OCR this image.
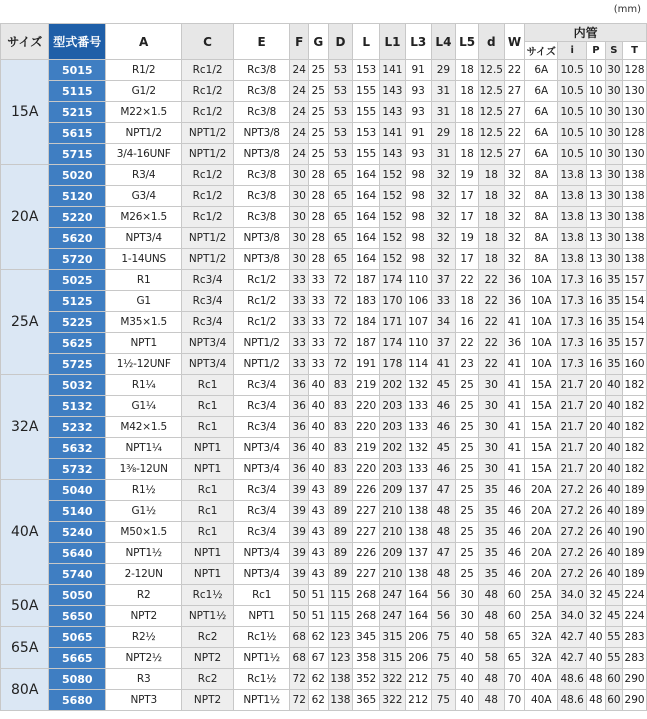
(mm)
サイズ	型式番号	A	C	E	F	G	D	L	L1	L3	L4	L5	d	W	内管				
															サイズ	i	P	S	T
15A	5015	R1/2	Rc1/2	Rc3/8	24	25	53	153	141	91	29	18	12.5	22	6A	10.5	10	30	128
	5115	G1/2	Rc1/2	Rc3/8	24	25	53	155	143	93	31	18	12.5	27	6A	10.5	10	30	130
	5215	M22×1.5	Rc1/2	Rc3/8	24	25	53	155	143	93	31	18	12.5	27	6A	10.5	10	30	130
	5615	NPT1/2	NPT1/2	NPT3/8	24	25	53	153	141	91	29	18	12.5	22	6A	10.5	10	30	128
	5715	3/4-16UNF	NPT1/2	NPT3/8	24	25	53	155	143	93	31	18	12.5	27	6A	10.5	10	30	130
20A	5020	R3/4	Rc1/2	Rc3/8	30	28	65	164	152	98	32	19	18	32	8A	13.8	13	30	138
	5120	G3/4	Rc1/2	Rc3/8	30	28	65	164	152	98	32	17	18	32	8A	13.8	13	30	138
	5220	M26×1.5	Rc1/2	Rc3/8	30	28	65	164	152	98	32	17	18	32	8A	13.8	13	30	138
	5620	NPT3/4	NPT1/2	NPT3/8	30	28	65	164	152	98	32	19	18	32	8A	13.8	13	30	138
	5720	1-14UNS	NPT1/2	NPT3/8	30	28	65	164	152	98	32	17	18	32	8A	13.8	13	30	138
25A	5025	R1	Rc3/4	Rc1/2	33	33	72	187	174	110	37	22	22	36	10A	17.3	16	35	157
	5125	G1	Rc3/4	Rc1/2	33	33	72	183	170	106	33	18	22	36	10A	17.3	16	35	154
	5225	M35×1.5	Rc3/4	Rc1/2	33	33	72	184	171	107	34	16	22	41	10A	17.3	16	35	154
	5625	NPT1	NPT3/4	NPT1/2	33	33	72	187	174	110	37	22	22	36	10A	17.3	16	35	157
	5725	1½-12UNF	NPT3/4	NPT1/2	33	33	72	191	178	114	41	23	22	41	10A	17.3	16	35	160
32A	5032	R1¼	Rc1	Rc3/4	36	40	83	219	202	132	45	25	30	41	15A	21.7	20	40	182
	5132	G1¼	Rc1	Rc3/4	36	40	83	220	203	133	46	25	30	41	15A	21.7	20	40	182
	5232	M42×1.5	Rc1	Rc3/4	36	40	83	220	203	133	46	25	30	41	15A	21.7	20	40	182
	5632	NPT1¼	NPT1	NPT3/4	36	40	83	219	202	132	45	25	30	41	15A	21.7	20	40	182
	5732	1⅜-12UN	NPT1	NPT3/4	36	40	83	220	203	133	46	25	30	41	15A	21.7	20	40	182
40A	5040	R1½	Rc1	Rc3/4	39	43	89	226	209	137	47	25	35	46	20A	27.2	26	40	189
	5140	G1½	Rc1	Rc3/4	39	43	89	227	210	138	48	25	35	46	20A	27.2	26	40	189
	5240	M50×1.5	Rc1	Rc3/4	39	43	89	227	210	138	48	25	35	46	20A	27.2	26	40	190
	5640	NPT1½	NPT1	NPT3/4	39	43	89	226	209	137	47	25	35	46	20A	27.2	26	40	189
	5740	2-12UN	NPT1	NPT3/4	39	43	89	227	210	138	48	25	35	46	20A	27.2	26	40	189
50A	5050	R2	Rc1½	Rc1	50	51	115	268	247	164	56	30	48	60	25A	34.0	32	45	224
	5650	NPT2	NPT1½	NPT1	50	51	115	268	247	164	56	30	48	60	25A	34.0	32	45	224
65A	5065	R2½	Rc2	Rc1½	68	62	123	345	315	206	75	40	58	65	32A	42.7	40	55	283
	5665	NPT2½	NPT2	NPT1½	68	67	123	358	315	206	75	40	58	65	32A	42.7	40	55	283
80A	5080	R3	Rc2	Rc1½	72	62	138	352	322	212	75	40	48	70	40A	48.6	48	60	290
	5680	NPT3	NPT2	NPT1½	72	62	138	365	322	212	75	40	48	70	40A	48.6	48	60	290
